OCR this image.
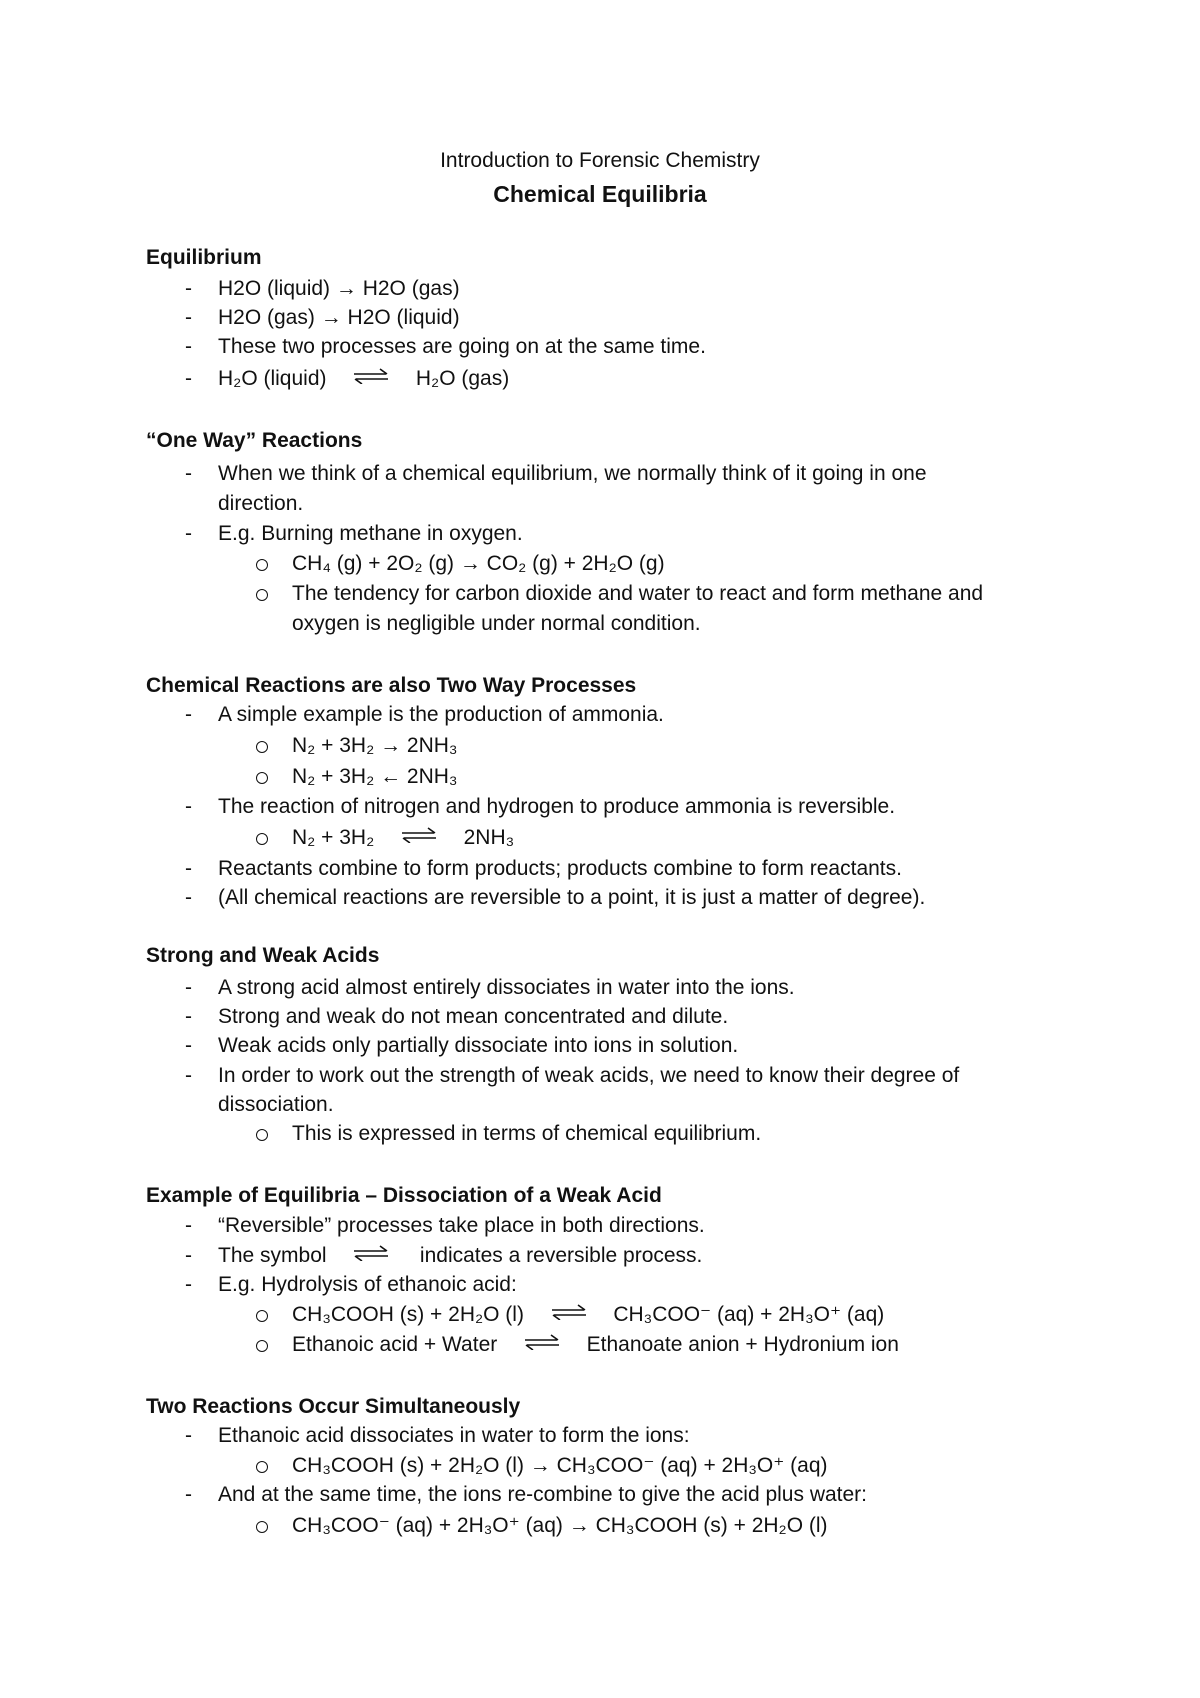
Introduction to Forensic Chemistry
Chemical Equilibria
Equilibrium
- H2O (liquid) → H2O (gas)
- H2O (gas) → H2O (liquid)
- These two processes are going on at the same time.
- H₂O (liquid) ⇌ H₂O (gas)
“One Way” Reactions
- When we think of a chemical equilibrium, we normally think of it going in one
direction.
- E.g. Burning methane in oxygen.
CH₄ (g) + 2O₂ (g) → CO₂ (g) + 2H₂O (g)
The tendency for carbon dioxide and water to react and form methane and
oxygen is negligible under normal condition.
Chemical Reactions are also Two Way Processes
- A simple example is the production of ammonia.
N₂ + 3H₂ → 2NH₃
N₂ + 3H₂ ← 2NH₃
- The reaction of nitrogen and hydrogen to produce ammonia is reversible.
N₂ + 3H₂ ⇌ 2NH₃
- Reactants combine to form products; products combine to form reactants.
- (All chemical reactions are reversible to a point, it is just a matter of degree).
Strong and Weak Acids
- A strong acid almost entirely dissociates in water into the ions.
- Strong and weak do not mean concentrated and dilute.
- Weak acids only partially dissociate into ions in solution.
- In order to work out the strength of weak acids, we need to know their degree of
dissociation.
This is expressed in terms of chemical equilibrium.
Example of Equilibria – Dissociation of a Weak Acid
- “Reversible” processes take place in both directions.
- The symbol ⇌ indicates a reversible process.
- E.g. Hydrolysis of ethanoic acid:
CH₃COOH (s) + 2H₂O (l) ⇌ CH₃COO⁻ (aq) + 2H₃O⁺ (aq)
Ethanoic acid + Water ⇌ Ethanoate anion + Hydronium ion
Two Reactions Occur Simultaneously
- Ethanoic acid dissociates in water to form the ions:
CH₃COOH (s) + 2H₂O (l) → CH₃COO⁻ (aq) + 2H₃O⁺ (aq)
- And at the same time, the ions re-combine to give the acid plus water:
CH₃COO⁻ (aq) + 2H₃O⁺ (aq) → CH₃COOH (s) + 2H₂O (l)
